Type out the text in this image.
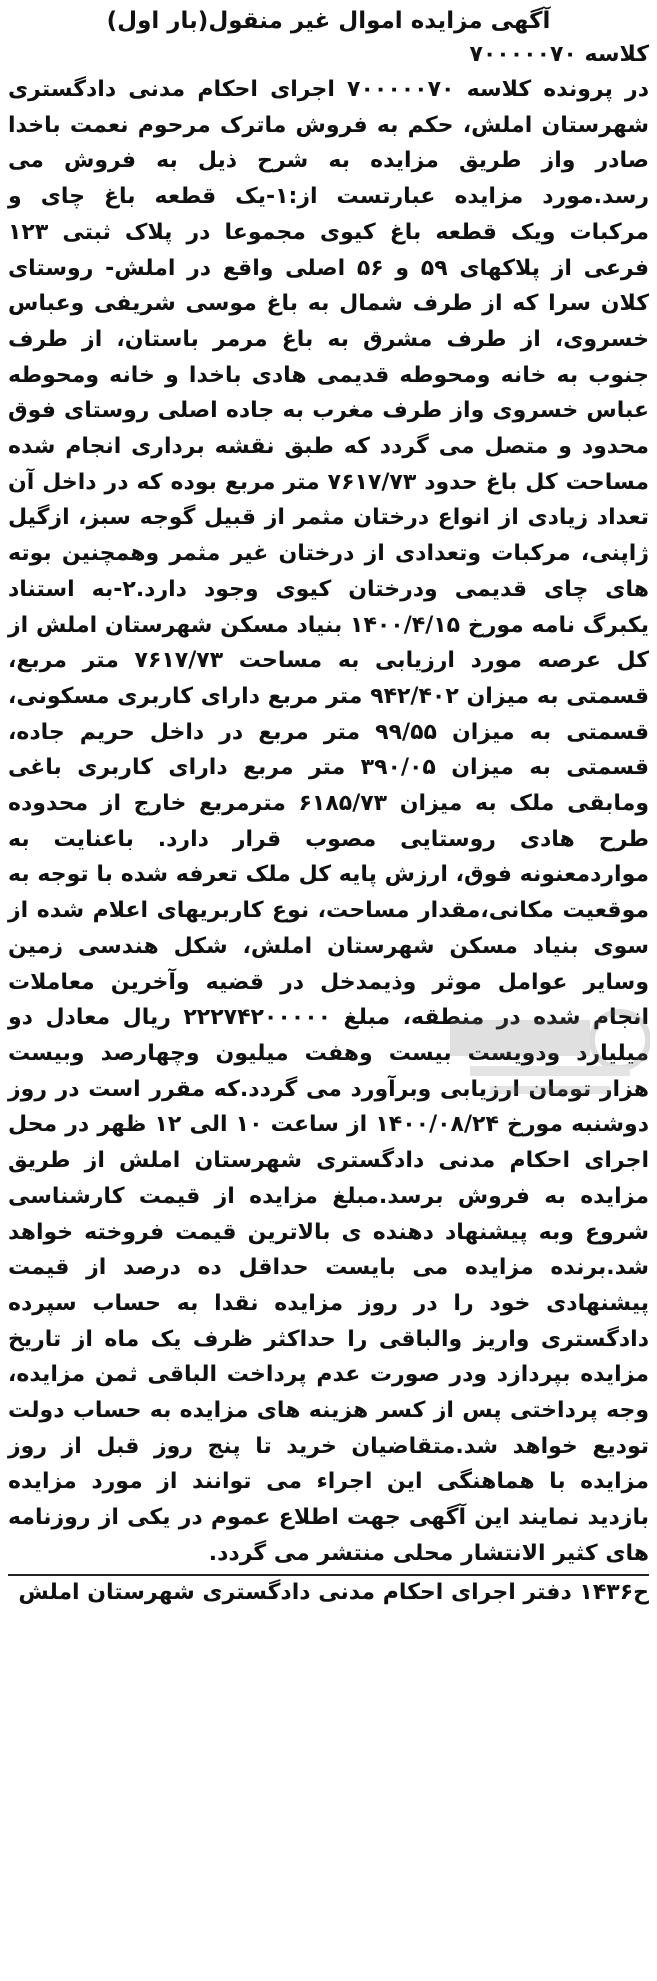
آگهی مزایده اموال غیر منقول(بار اول)
کلاسه ۷۰۰۰۰۰۷۰

در پرونده کلاسه ۷۰۰۰۰۰۷۰ اجرای احکام مدنی دادگستری شهرستان املش، حکم به فروش ماترک مرحوم نعمت باخدا صادر واز طریق مزایده به شرح ذیل به فروش می رسد.مورد مزایده عبارتست از:۱-یک قطعه باغ چای و مرکبات ویک قطعه باغ کیوی مجموعا در پلاک ثبتی ۱۲۳ فرعی از پلاکهای ۵۹ و ۵۶ اصلی واقع در املش- روستای کلان سرا که از طرف شمال به باغ موسی شریفی وعباس خسروی، از طرف مشرق به باغ مرمر باستان، از طرف جنوب به خانه ومحوطه قدیمی هادی باخدا و خانه ومحوطه عباس خسروی واز طرف مغرب به جاده اصلی روستای فوق محدود و متصل می گردد که طبق نقشه برداری انجام شده مساحت کل باغ حدود ۷۶۱۷/۷۳ متر مربع بوده که در داخل آن تعداد زیادی از انواع درختان مثمر از قبیل گوجه سبز، ازگیل ژاپنی، مرکبات وتعدادی از درختان غیر مثمر وهمچنین بوته های چای قدیمی ودرختان کیوی وجود دارد.۲-به استناد یکبرگ نامه مورخ ۱۴۰۰/۴/۱۵ بنیاد مسکن شهرستان املش از کل عرصه مورد ارزیابی به مساحت ۷۶۱۷/۷۳ متر مربع، قسمتی به میزان ۹۴۲/۴۰۲ متر مربع دارای کاربری مسکونی، قسمتی به میزان ۹۹/۵۵ متر مربع در داخل حریم جاده، قسمتی به میزان ۳۹۰/۰۵ متر مربع دارای کاربری باغی ومابقی ملک به میزان ۶۱۸۵/۷۳ مترمربع خارج از محدوده طرح هادی روستایی مصوب قرار دارد. باعنایت به مواردمعنونه فوق، ارزش پایه کل ملک تعرفه شده با توجه به موقعیت مکانی،مقدار مساحت، نوع کاربریهای اعلام شده از سوی بنیاد مسکن شهرستان املش، شکل هندسی زمین وسایر عوامل موثر وذیمدخل در قضیه وآخرین معاملات انجام شده در منطقه، مبلغ ۲۲۲۷۴۲۰۰۰۰۰ ریال معادل دو میلیارد ودویست بیست وهفت میلیون وچهارصد وبیست هزار تومان ارزیابی وبرآورد می گردد.که مقرر است در روز دوشنبه مورخ ۱۴۰۰/۰۸/۲۴ از ساعت ۱۰ الی ۱۲ ظهر در محل اجرای احکام مدنی دادگستری شهرستان املش از طریق مزایده به فروش برسد.مبلغ مزایده از قیمت کارشناسی شروع وبه پیشنهاد دهنده ی بالاترین قیمت فروخته خواهد شد.برنده مزایده می بایست حداقل ده درصد از قیمت پیشنهادی خود را در روز مزایده نقدا به حساب سپرده دادگستری واریز والباقی را حداکثر ظرف یک ماه از تاریخ مزایده بپردازد ودر صورت عدم پرداخت الباقی ثمن مزایده، وجه پرداختی پس از کسر هزینه های مزایده به حساب دولت تودیع خواهد شد.متقاضیان خرید تا پنج روز قبل از روز مزایده با هماهنگی این اجراء می توانند از مورد مزایده بازدید نمایند این آگهی جهت اطلاع عموم در یکی از روزنامه های کثیر الانتشار محلی منتشر می گردد.

ح۱۴۳۶ دفتر اجرای احکام مدنی دادگستری شهرستان املش
